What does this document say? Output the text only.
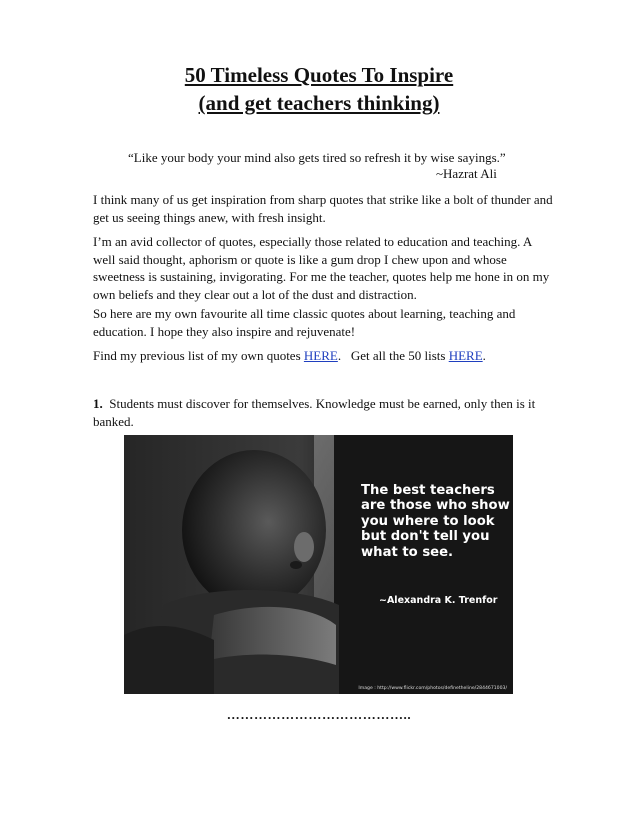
50 Timeless Quotes To Inspire
(and get teachers thinking)

“Like your body your mind also gets tired so refresh it by wise sayings.”

~Hazrat Ali

I think many of us get inspiration from sharp quotes that strike like a bolt of thunder and get us seeing things anew, with fresh insight.

I’m an avid collector of quotes, especially those related to education and teaching. A well said thought, aphorism or quote is like a gum drop I chew upon and whose sweetness is sustaining, invigorating. For me the teacher, quotes help me hone in on my own beliefs and they clear out a lot of the dust and distraction.

So here are my own favourite all time classic quotes about learning, teaching and education. I hope they also inspire and rejuvenate!

Find my previous list of my own quotes HERE.   Get all the 50 lists HERE.

1.  Students must discover for themselves. Knowledge must be earned, only then is it banked.

The best teachers are those who show you where to look but don't tell you what to see.

~Alexandra K. Trenfor

Image : http://www.flickr.com/photos/definetheline/2844671003/

…………………………………..
